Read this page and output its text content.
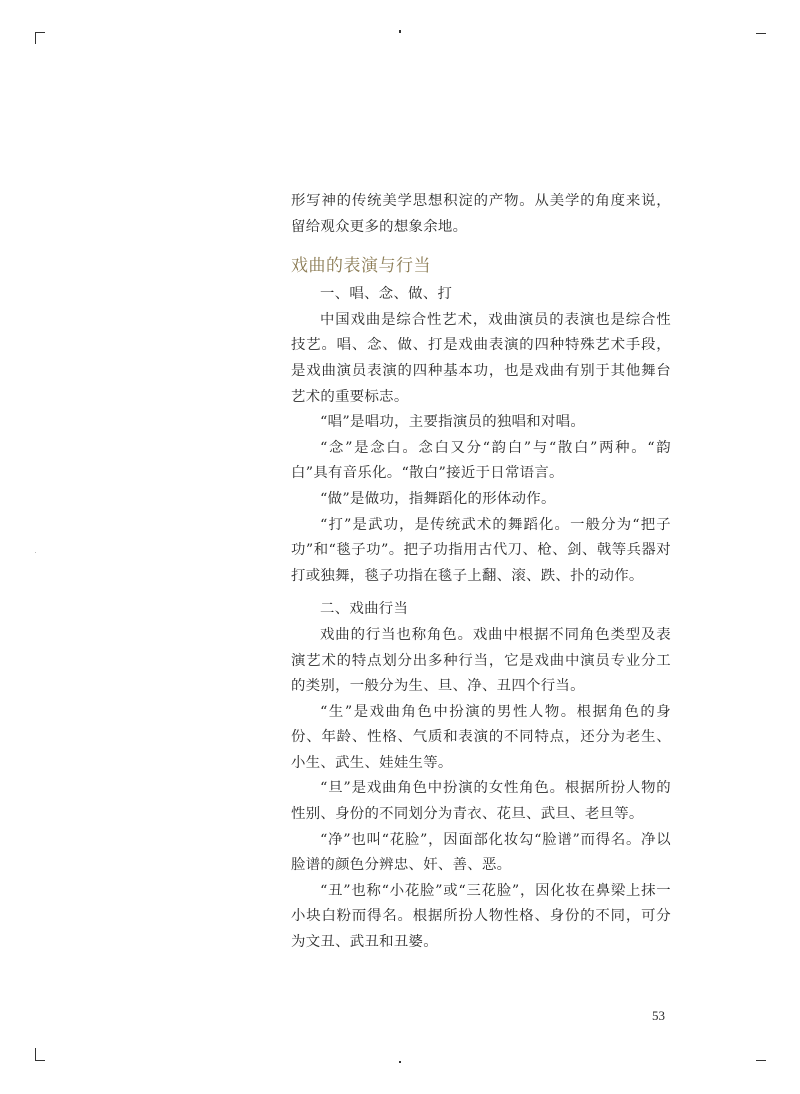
形写神的传统美学思想积淀的产物。从美学的角度来说，留给观众更多的想象余地。

戏曲的表演与行当
一、唱、念、做、打

中国戏曲是综合性艺术，戏曲演员的表演也是综合性技艺。唱、念、做、打是戏曲表演的四种特殊艺术手段，是戏曲演员表演的四种基本功，也是戏曲有别于其他舞台艺术的重要标志。

“唱”是唱功，主要指演员的独唱和对唱。

“念”是念白。念白又分“韵白”与“散白”两种。“韵白”具有音乐化。“散白”接近于日常语言。

“做”是做功，指舞蹈化的形体动作。

“打”是武功，是传统武术的舞蹈化。一般分为“把子功”和“毯子功”。把子功指用古代刀、枪、剑、戟等兵器对打或独舞，毯子功指在毯子上翻、滚、跌、扑的动作。

二、戏曲行当

戏曲的行当也称角色。戏曲中根据不同角色类型及表演艺术的特点划分出多种行当，它是戏曲中演员专业分工的类别，一般分为生、旦、净、丑四个行当。

“生”是戏曲角色中扮演的男性人物。根据角色的身份、年龄、性格、气质和表演的不同特点，还分为老生、小生、武生、娃娃生等。

“旦”是戏曲角色中扮演的女性角色。根据所扮人物的性别、身份的不同划分为青衣、花旦、武旦、老旦等。

“净”也叫“花脸”，因面部化妆勾“脸谱”而得名。净以脸谱的颜色分辨忠、奸、善、恶。

“丑”也称“小花脸”或“三花脸”，因化妆在鼻梁上抹一小块白粉而得名。根据所扮人物性格、身份的不同，可分为文丑、武丑和丑婆。

53
